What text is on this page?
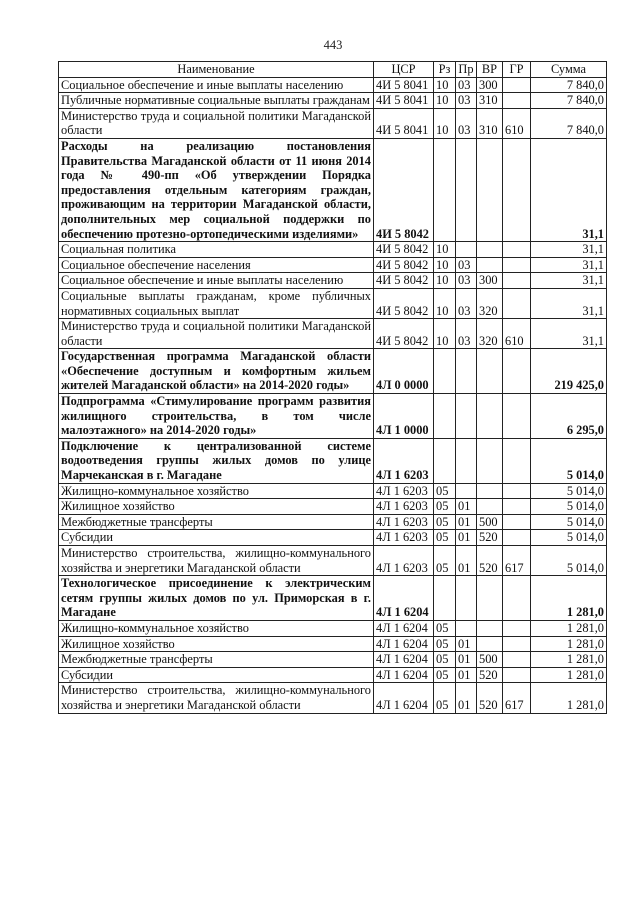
443
Наименование	ЦСР	Рз	Пр	ВР	ГР	Сумма
Социальное обеспечение и иные выплаты населению	4И 5 8041	10	03	300		7 840,0
Публичные нормативные социальные выплаты гражданам	4И 5 8041	10	03	310		7 840,0
Министерство труда и социальной политики Магаданской области	4И 5 8041	10	03	310	610	7 840,0
Расходы на реализацию постановления Правительства Магаданской области от 11 июня 2014 года № 490-пп «Об утверждении Порядка предоставления отдельным категориям граждан, проживающим на территории Магаданской области, дополнительных мер социальной поддержки по обеспечению протезно-ортопедическими изделиями»	4И 5 8042					31,1
Социальная политика	4И 5 8042	10				31,1
Социальное обеспечение населения	4И 5 8042	10	03			31,1
Социальное обеспечение и иные выплаты населению	4И 5 8042	10	03	300		31,1
Социальные выплаты гражданам, кроме публичных нормативных социальных выплат	4И 5 8042	10	03	320		31,1
Министерство труда и социальной политики Магаданской области	4И 5 8042	10	03	320	610	31,1
Государственная программа Магаданской области «Обеспечение доступным и комфортным жильем жителей Магаданской области» на 2014-2020 годы»	4Л 0 0000					219 425,0
Подпрограмма «Стимулирование программ развития жилищного строительства, в том числе малоэтажного» на 2014-2020 годы»	4Л 1 0000					6 295,0
Подключение к централизованной системе водоотведения группы жилых домов по улице Марчеканская в г. Магадане	4Л 1 6203					5 014,0
Жилищно-коммунальное хозяйство	4Л 1 6203	05				5 014,0
Жилищное хозяйство	4Л 1 6203	05	01			5 014,0
Межбюджетные трансферты	4Л 1 6203	05	01	500		5 014,0
Субсидии	4Л 1 6203	05	01	520		5 014,0
Министерство строительства, жилищно-коммунального хозяйства и энергетики Магаданской области	4Л 1 6203	05	01	520	617	5 014,0
Технологическое присоединение к электрическим сетям группы жилых домов по ул. Приморская в г. Магадане	4Л 1 6204					1 281,0
Жилищно-коммунальное хозяйство	4Л 1 6204	05				1 281,0
Жилищное хозяйство	4Л 1 6204	05	01			1 281,0
Межбюджетные трансферты	4Л 1 6204	05	01	500		1 281,0
Субсидии	4Л 1 6204	05	01	520		1 281,0
Министерство строительства, жилищно-коммунального хозяйства и энергетики Магаданской области	4Л 1 6204	05	01	520	617	1 281,0
